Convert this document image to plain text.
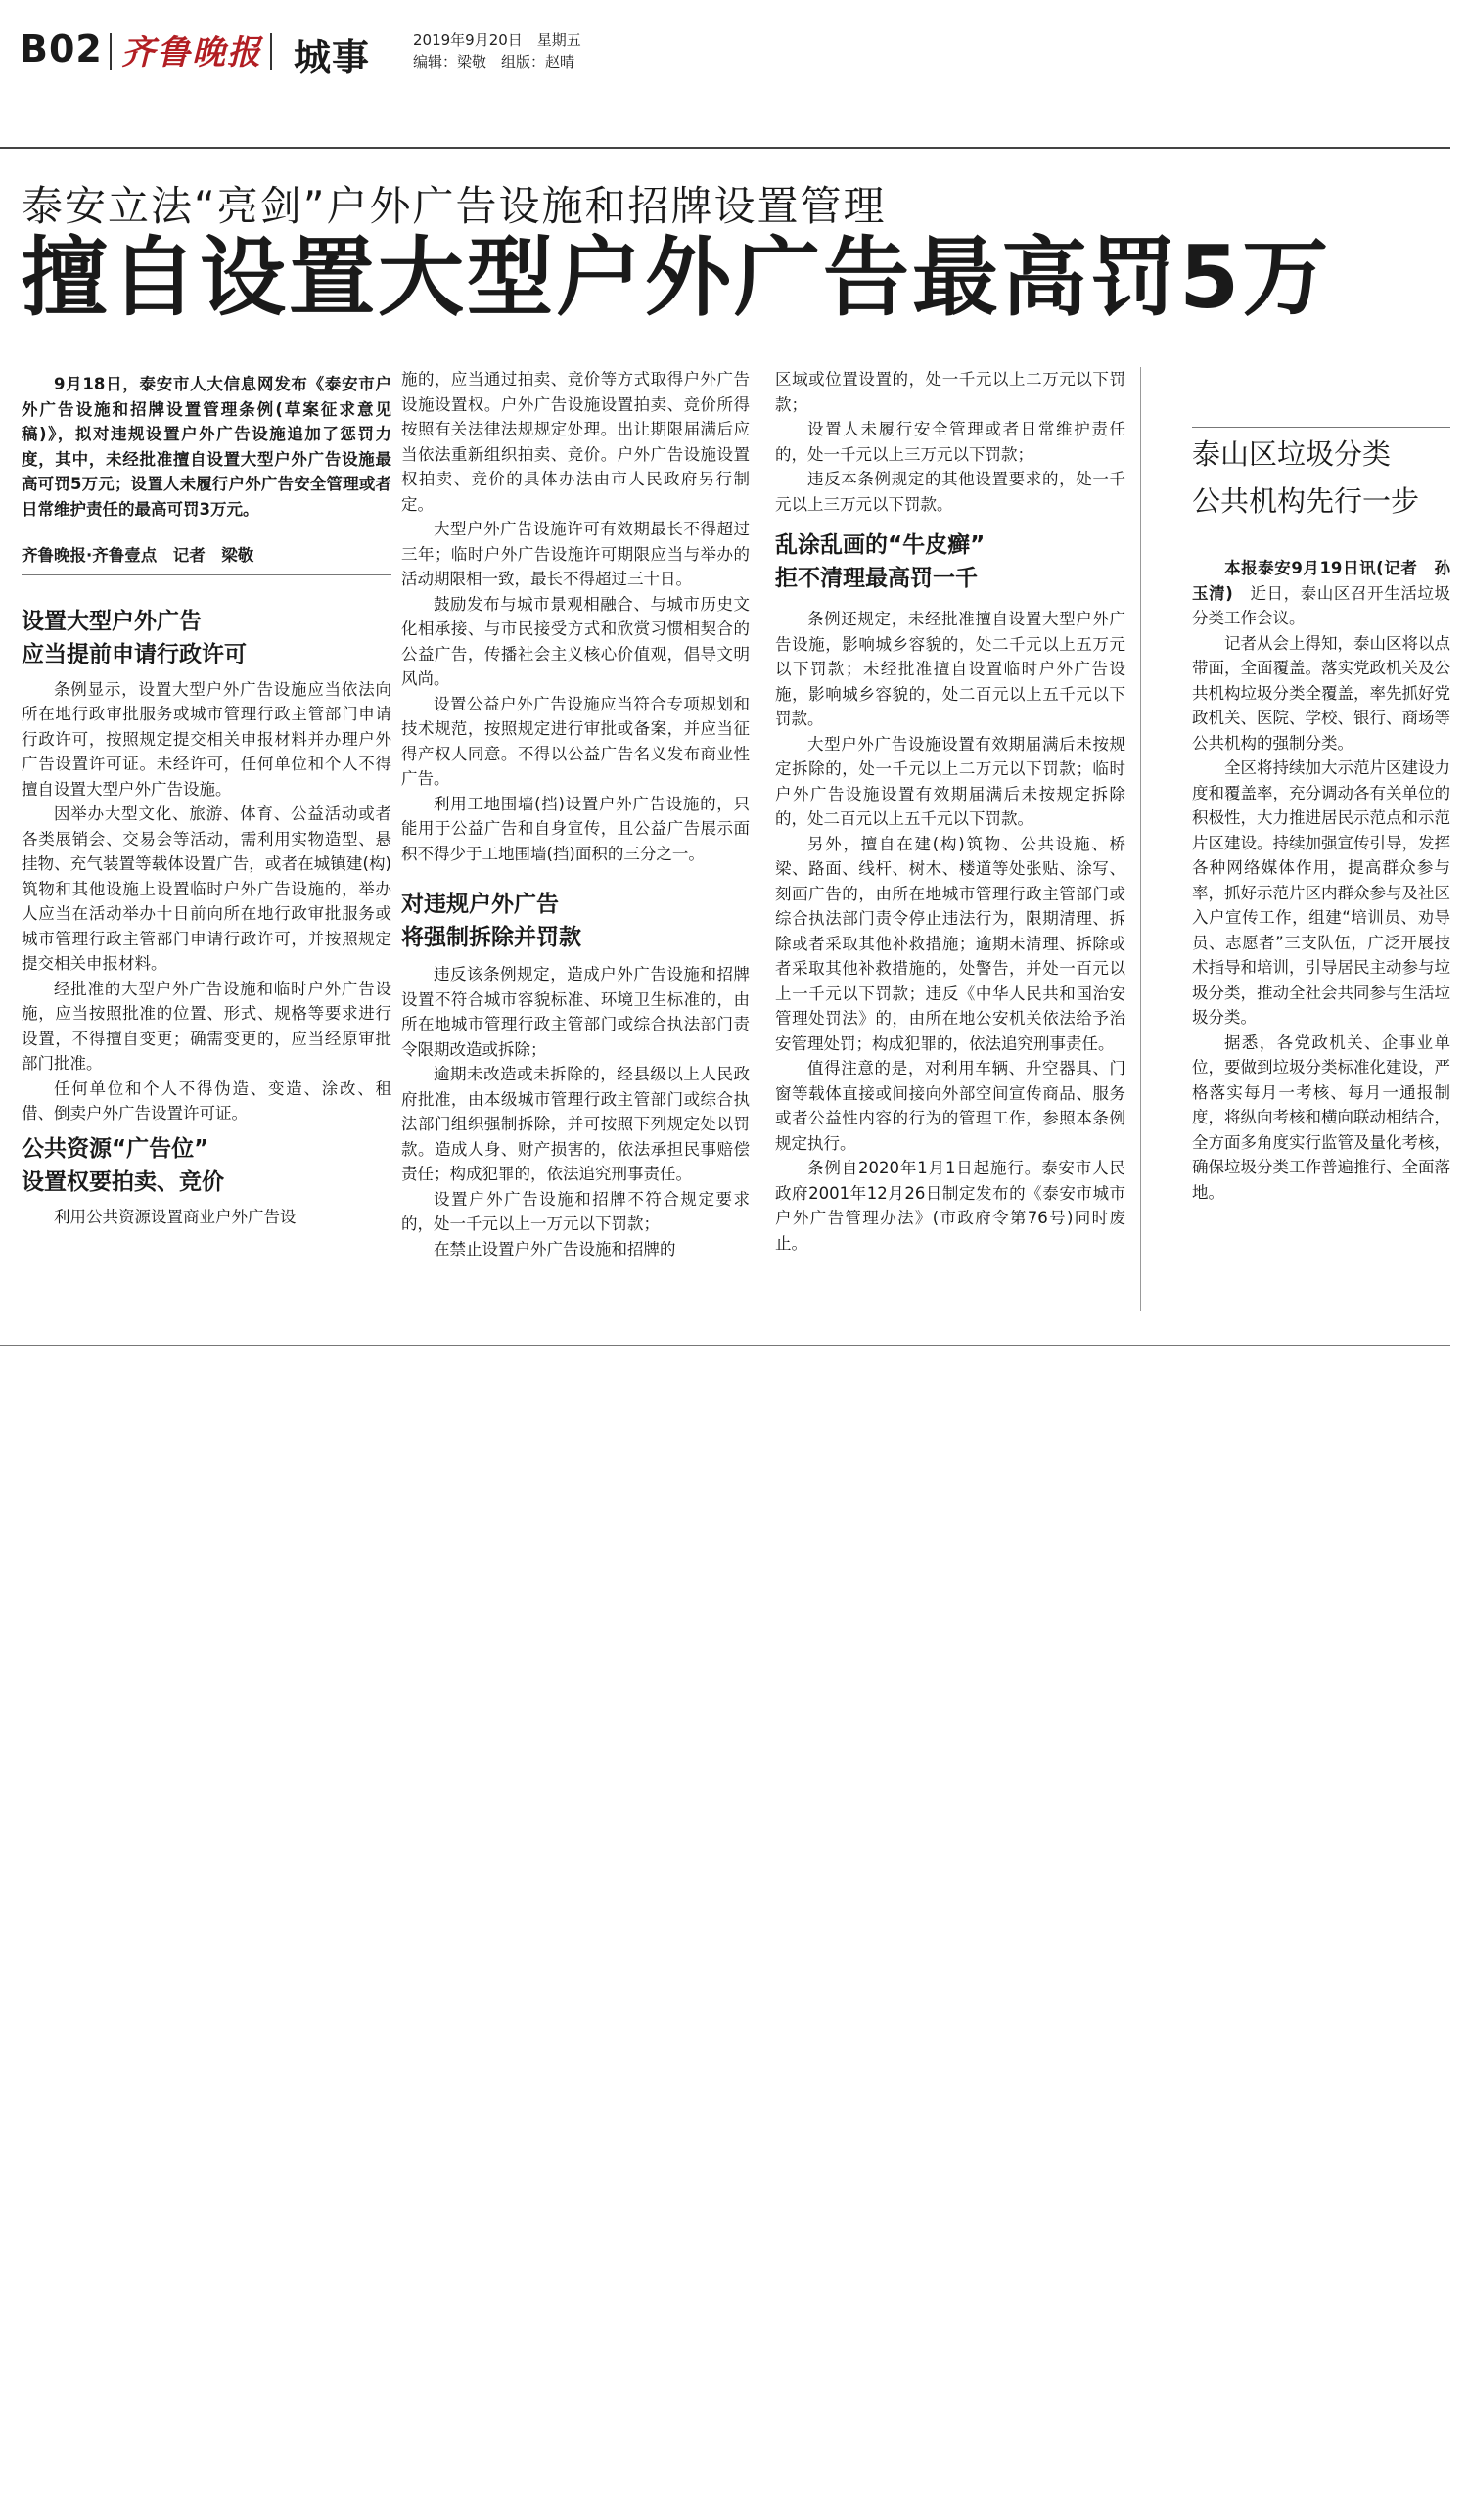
B02 齐鲁晚报 城事	2019年9月20日　星期五
编辑：梁敬　组版：赵晴
泰安立法“亮剑”户外广告设施和招牌设置管理
擅自设置大型户外广告最高罚5万

9月18日，泰安市人大信息网发布《泰安市户外广告设施和招牌设置管理条例(草案征求意见稿)》，拟对违规设置户外广告设施追加了惩罚力度，其中，未经批准擅自设置大型户外广告设施最高可罚5万元；设置人未履行户外广告安全管理或者日常维护责任的最高可罚3万元。

齐鲁晚报·齐鲁壹点　记者　梁敬

设置大型户外广告

应当提前申请行政许可

条例显示，设置大型户外广告设施应当依法向所在地行政审批服务或城市管理行政主管部门申请行政许可，按照规定提交相关申报材料并办理户外广告设置许可证。未经许可，任何单位和个人不得擅自设置大型户外广告设施。

因举办大型文化、旅游、体育、公益活动或者各类展销会、交易会等活动，需利用实物造型、悬挂物、充气装置等载体设置广告，或者在城镇建(构)筑物和其他设施上设置临时户外广告设施的，举办人应当在活动举办十日前向所在地行政审批服务或城市管理行政主管部门申请行政许可，并按照规定提交相关申报材料。

经批准的大型户外广告设施和临时户外广告设施，应当按照批准的位置、形式、规格等要求进行设置，不得擅自变更；确需变更的，应当经原审批部门批准。

任何单位和个人不得伪造、变造、涂改、租借、倒卖户外广告设置许可证。

公共资源“广告位”

设置权要拍卖、竞价

利用公共资源设置商业户外广告设

施的，应当通过拍卖、竞价等方式取得户外广告设施设置权。户外广告设施设置拍卖、竞价所得按照有关法律法规规定处理。出让期限届满后应当依法重新组织拍卖、竞价。户外广告设施设置权拍卖、竞价的具体办法由市人民政府另行制定。

大型户外广告设施许可有效期最长不得超过三年；临时户外广告设施许可期限应当与举办的活动期限相一致，最长不得超过三十日。

鼓励发布与城市景观相融合、与城市历史文化相承接、与市民接受方式和欣赏习惯相契合的公益广告，传播社会主义核心价值观，倡导文明风尚。

设置公益户外广告设施应当符合专项规划和技术规范，按照规定进行审批或备案，并应当征得产权人同意。不得以公益广告名义发布商业性广告。

利用工地围墙(挡)设置户外广告设施的，只能用于公益广告和自身宣传，且公益广告展示面积不得少于工地围墙(挡)面积的三分之一。

对违规户外广告

将强制拆除并罚款

违反该条例规定，造成户外广告设施和招牌设置不符合城市容貌标准、环境卫生标准的，由所在地城市管理行政主管部门或综合执法部门责令限期改造或拆除；

逾期未改造或未拆除的，经县级以上人民政府批准，由本级城市管理行政主管部门或综合执法部门组织强制拆除，并可按照下列规定处以罚款。造成人身、财产损害的，依法承担民事赔偿责任；构成犯罪的，依法追究刑事责任。

设置户外广告设施和招牌不符合规定要求的，处一千元以上一万元以下罚款；

在禁止设置户外广告设施和招牌的

区域或位置设置的，处一千元以上二万元以下罚款；

设置人未履行安全管理或者日常维护责任的，处一千元以上三万元以下罚款；

违反本条例规定的其他设置要求的，处一千元以上三万元以下罚款。

乱涂乱画的“牛皮癣”

拒不清理最高罚一千

条例还规定，未经批准擅自设置大型户外广告设施，影响城乡容貌的，处二千元以上五万元以下罚款；未经批准擅自设置临时户外广告设施，影响城乡容貌的，处二百元以上五千元以下罚款。

大型户外广告设施设置有效期届满后未按规定拆除的，处一千元以上二万元以下罚款；临时户外广告设施设置有效期届满后未按规定拆除的，处二百元以上五千元以下罚款。

另外，擅自在建(构)筑物、公共设施、桥梁、路面、线杆、树木、楼道等处张贴、涂写、刻画广告的，由所在地城市管理行政主管部门或综合执法部门责令停止违法行为，限期清理、拆除或者采取其他补救措施；逾期未清理、拆除或者采取其他补救措施的，处警告，并处一百元以上一千元以下罚款；违反《中华人民共和国治安管理处罚法》的，由所在地公安机关依法给予治安管理处罚；构成犯罪的，依法追究刑事责任。

值得注意的是，对利用车辆、升空器具、门窗等载体直接或间接向外部空间宣传商品、服务或者公益性内容的行为的管理工作，参照本条例规定执行。

条例自2020年1月1日起施行。泰安市人民政府2001年12月26日制定发布的《泰安市城市户外广告管理办法》(市政府令第76号)同时废止。

泰山区垃圾分类
公共机构先行一步

本报泰安9月19日讯(记者　孙玉清)　 近日，泰山区召开生活垃圾分类工作会议。

记者从会上得知，泰山区将以点带面，全面覆盖。落实党政机关及公共机构垃圾分类全覆盖，率先抓好党政机关、医院、学校、银行、商场等公共机构的强制分类。

全区将持续加大示范片区建设力度和覆盖率，充分调动各有关单位的积极性，大力推进居民示范点和示范片区建设。持续加强宣传引导，发挥各种网络媒体作用，提高群众参与率，抓好示范片区内群众参与及社区入户宣传工作，组建“培训员、劝导员、志愿者”三支队伍，广泛开展技术指导和培训，引导居民主动参与垃圾分类，推动全社会共同参与生活垃圾分类。

据悉，各党政机关、企事业单位，要做到垃圾分类标准化建设，严格落实每月一考核、每月一通报制度，将纵向考核和横向联动相结合，全方面多角度实行监管及量化考核，确保垃圾分类工作普遍推行、全面落地。
